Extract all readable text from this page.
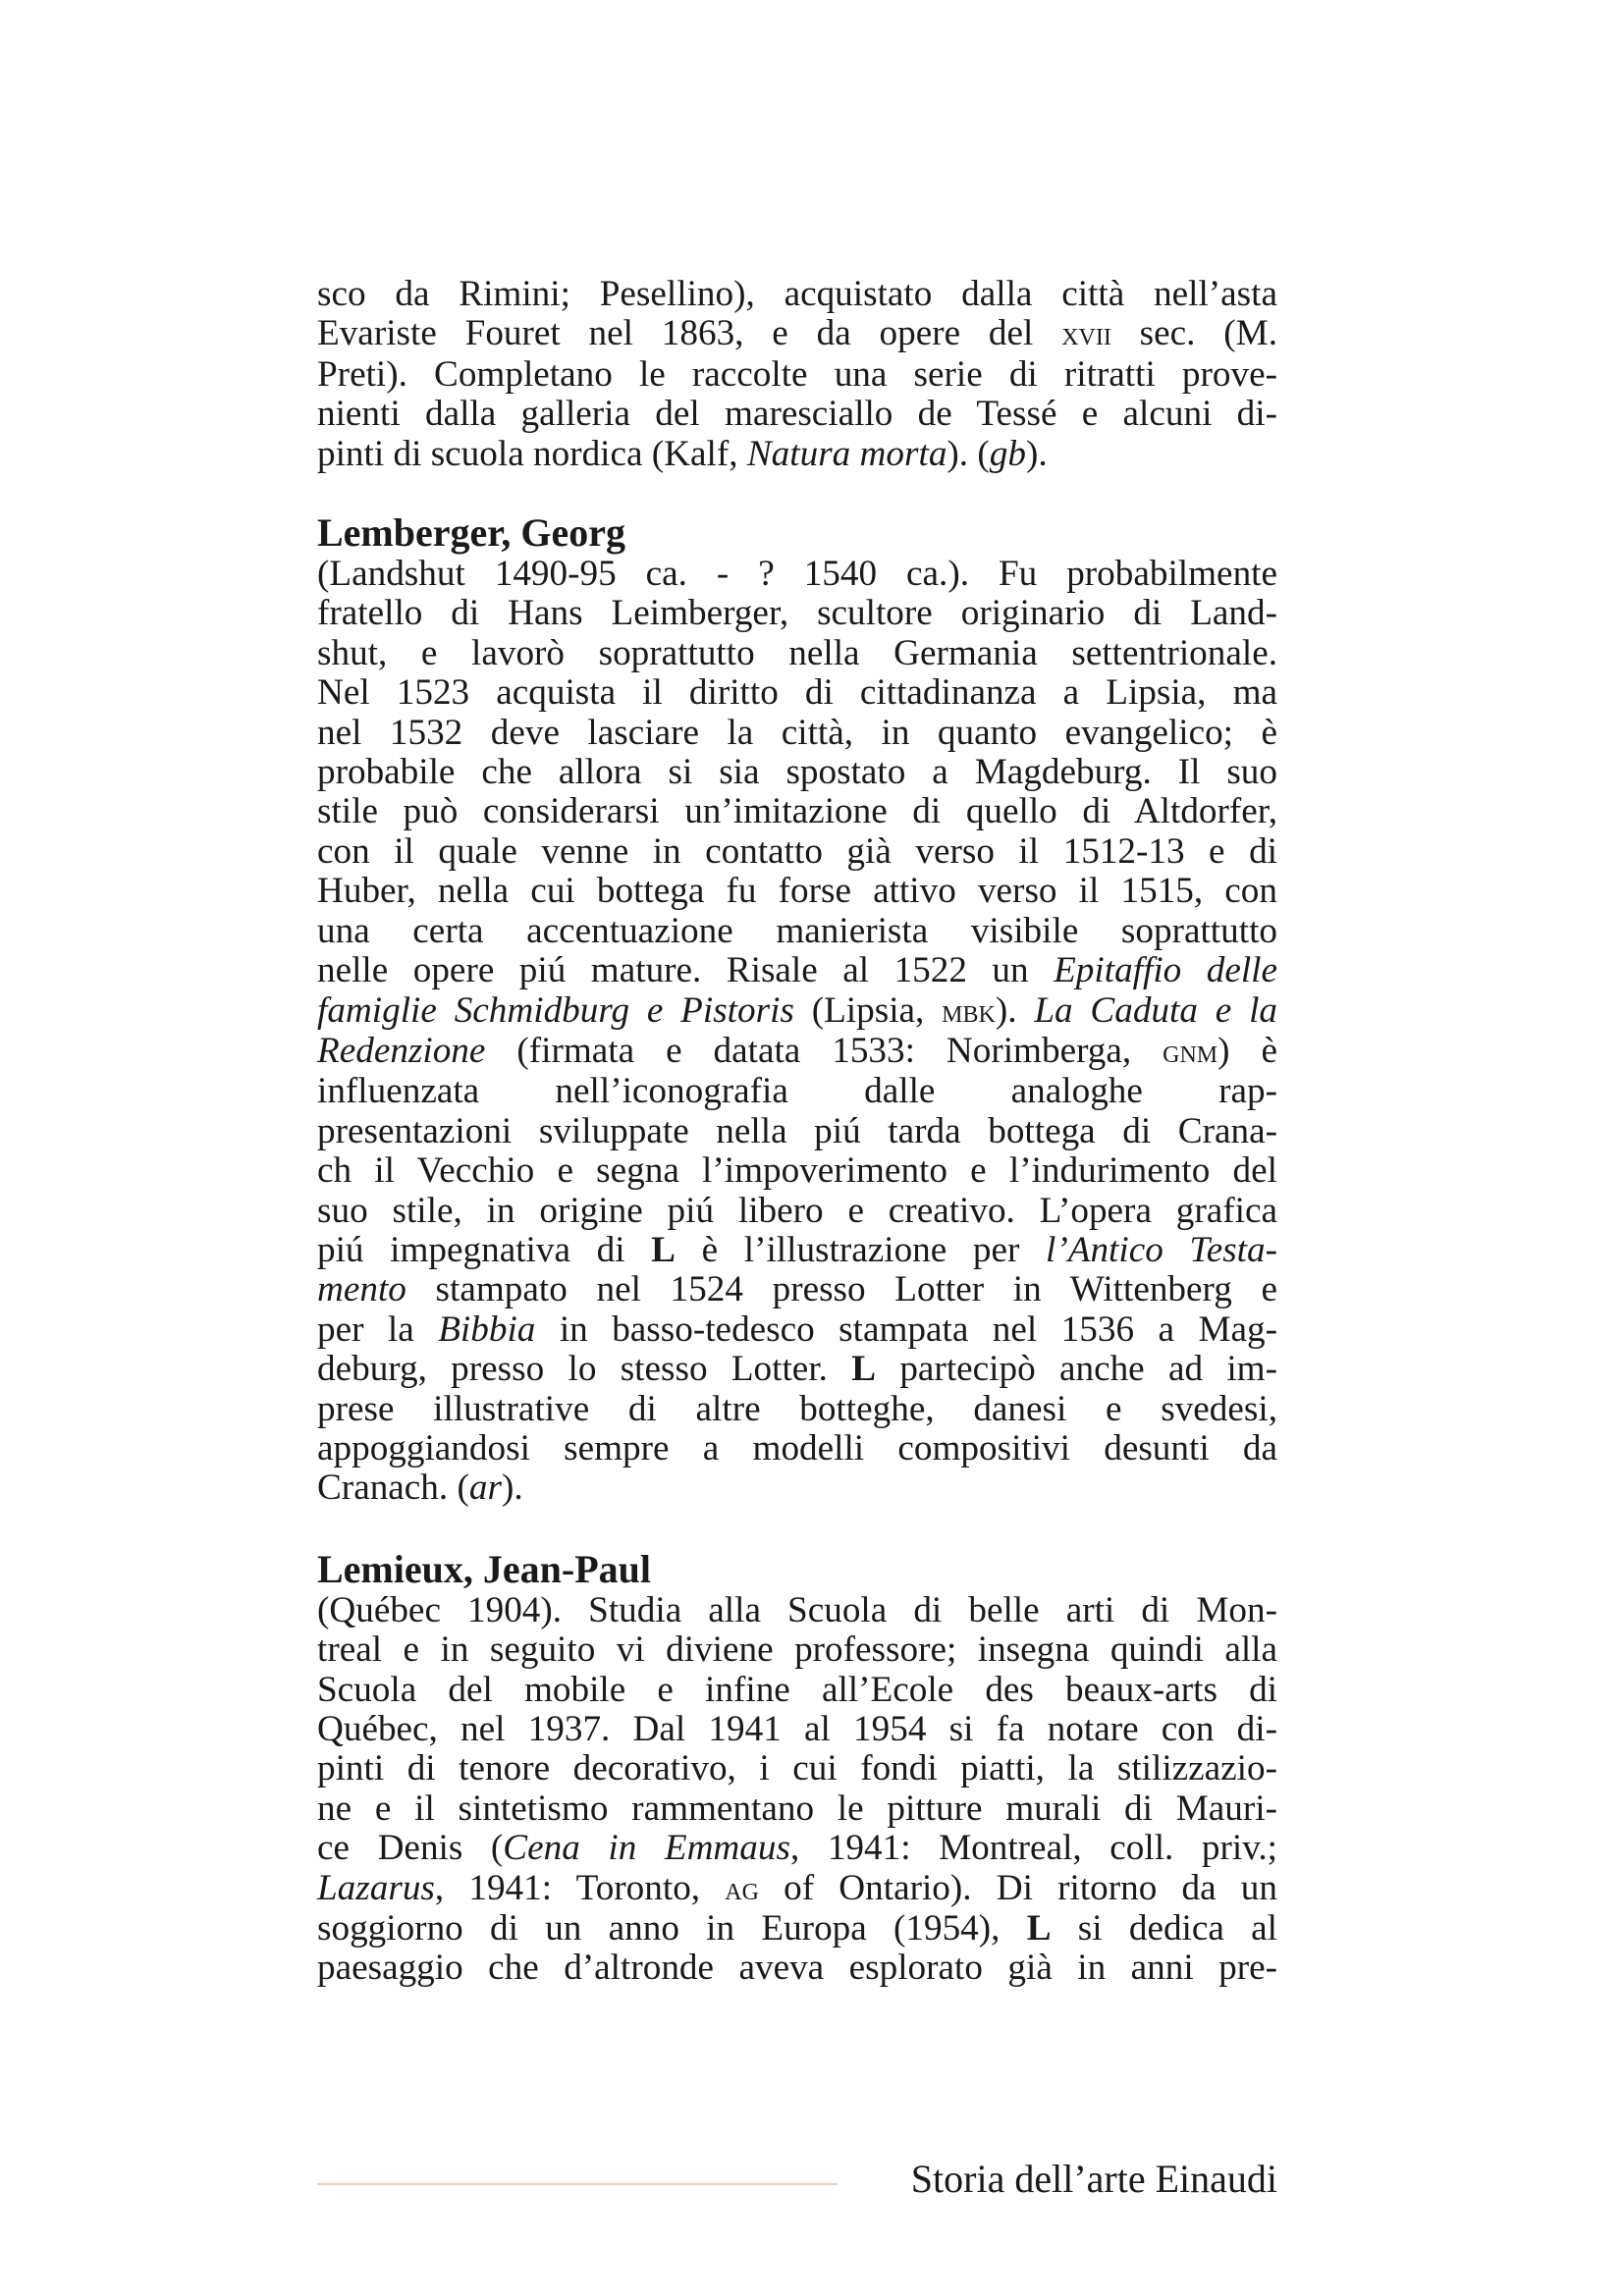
sco da Rimini; Pesellino), acquistato dalla città nell’asta
Evariste Fouret nel 1863, e da opere del xvii sec. (M.
Preti). Completano le raccolte una serie di ritratti prove-
nienti dalla galleria del maresciallo de Tessé e alcuni di-
pinti di scuola nordica (Kalf, Natura morta). (gb).
Lemberger, Georg
(Landshut 1490-95 ca. - ? 1540 ca.). Fu probabilmente
fratello di Hans Leimberger, scultore originario di Land-
shut, e lavorò soprattutto nella Germania settentrionale.
Nel 1523 acquista il diritto di cittadinanza a Lipsia, ma
nel 1532 deve lasciare la città, in quanto evangelico; è
probabile che allora si sia spostato a Magdeburg. Il suo
stile può considerarsi un’imitazione di quello di Altdorfer,
con il quale venne in contatto già verso il 1512-13 e di
Huber, nella cui bottega fu forse attivo verso il 1515, con
una certa accentuazione manierista visibile soprattutto
nelle opere piú mature. Risale al 1522 un Epitaffio delle
famiglie Schmidburg e Pistoris (Lipsia, mbk). La Caduta e la
Redenzione (firmata e datata 1533: Norimberga, gnm) è
influenzata nell’iconografia dalle analoghe rap-
presentazioni sviluppate nella piú tarda bottega di Crana-
ch il Vecchio e segna l’impoverimento e l’indurimento del
suo stile, in origine piú libero e creativo. L’opera grafica
piú impegnativa di L è l’illustrazione per l’Antico Testa-
mento stampato nel 1524 presso Lotter in Wittenberg e
per la Bibbia in basso-tedesco stampata nel 1536 a Mag-
deburg, presso lo stesso Lotter. L partecipò anche ad im-
prese illustrative di altre botteghe, danesi e svedesi,
appoggiandosi sempre a modelli compositivi desunti da
Cranach. (ar).
Lemieux, Jean-Paul
(Québec 1904). Studia alla Scuola di belle arti di Mon-
treal e in seguito vi diviene professore; insegna quindi alla
Scuola del mobile e infine all’Ecole des beaux-arts di
Québec, nel 1937. Dal 1941 al 1954 si fa notare con di-
pinti di tenore decorativo, i cui fondi piatti, la stilizzazio-
ne e il sintetismo rammentano le pitture murali di Mauri-
ce Denis (Cena in Emmaus, 1941: Montreal, coll. priv.;
Lazarus, 1941: Toronto, ag of Ontario). Di ritorno da un
soggiorno di un anno in Europa (1954), L si dedica al
paesaggio che d’altronde aveva esplorato già in anni pre-
Storia dell’arte Einaudi
